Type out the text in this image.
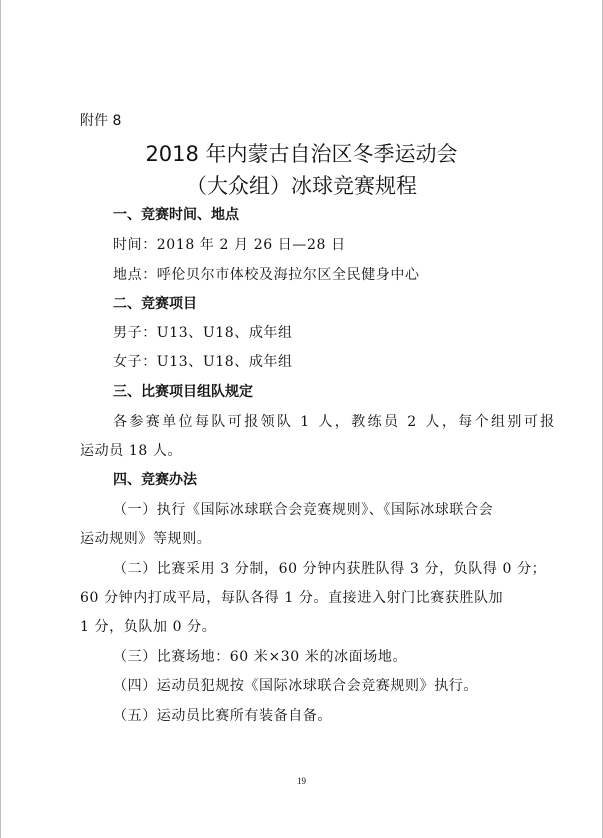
附件 8
2018 年内蒙古自治区冬季运动会
（大众组）冰球竞赛规程
一、竞赛时间、地点
时间：2018 年 2 月 26 日—28 日
地点：呼伦贝尔市体校及海拉尔区全民健身中心
二、竞赛项目
男子：U13、U18、成年组
女子：U13、U18、成年组
三、比赛项目组队规定
各参赛单位每队可报领队 1 人，教练员 2 人，每个组别可报
运动员 18 人。
四、竞赛办法
（一）执行《国际冰球联合会竞赛规则》、《国际冰球联合会
运动规则》等规则。
（二）比赛采用 3 分制，60 分钟内获胜队得 3 分，负队得 0 分；
60 分钟内打成平局，每队各得 1 分。直接进入射门比赛获胜队加
1 分，负队加 0 分。
（三）比赛场地：60 米×30 米的冰面场地。
（四）运动员犯规按《国际冰球联合会竞赛规则》执行。
（五）运动员比赛所有装备自备。
19
